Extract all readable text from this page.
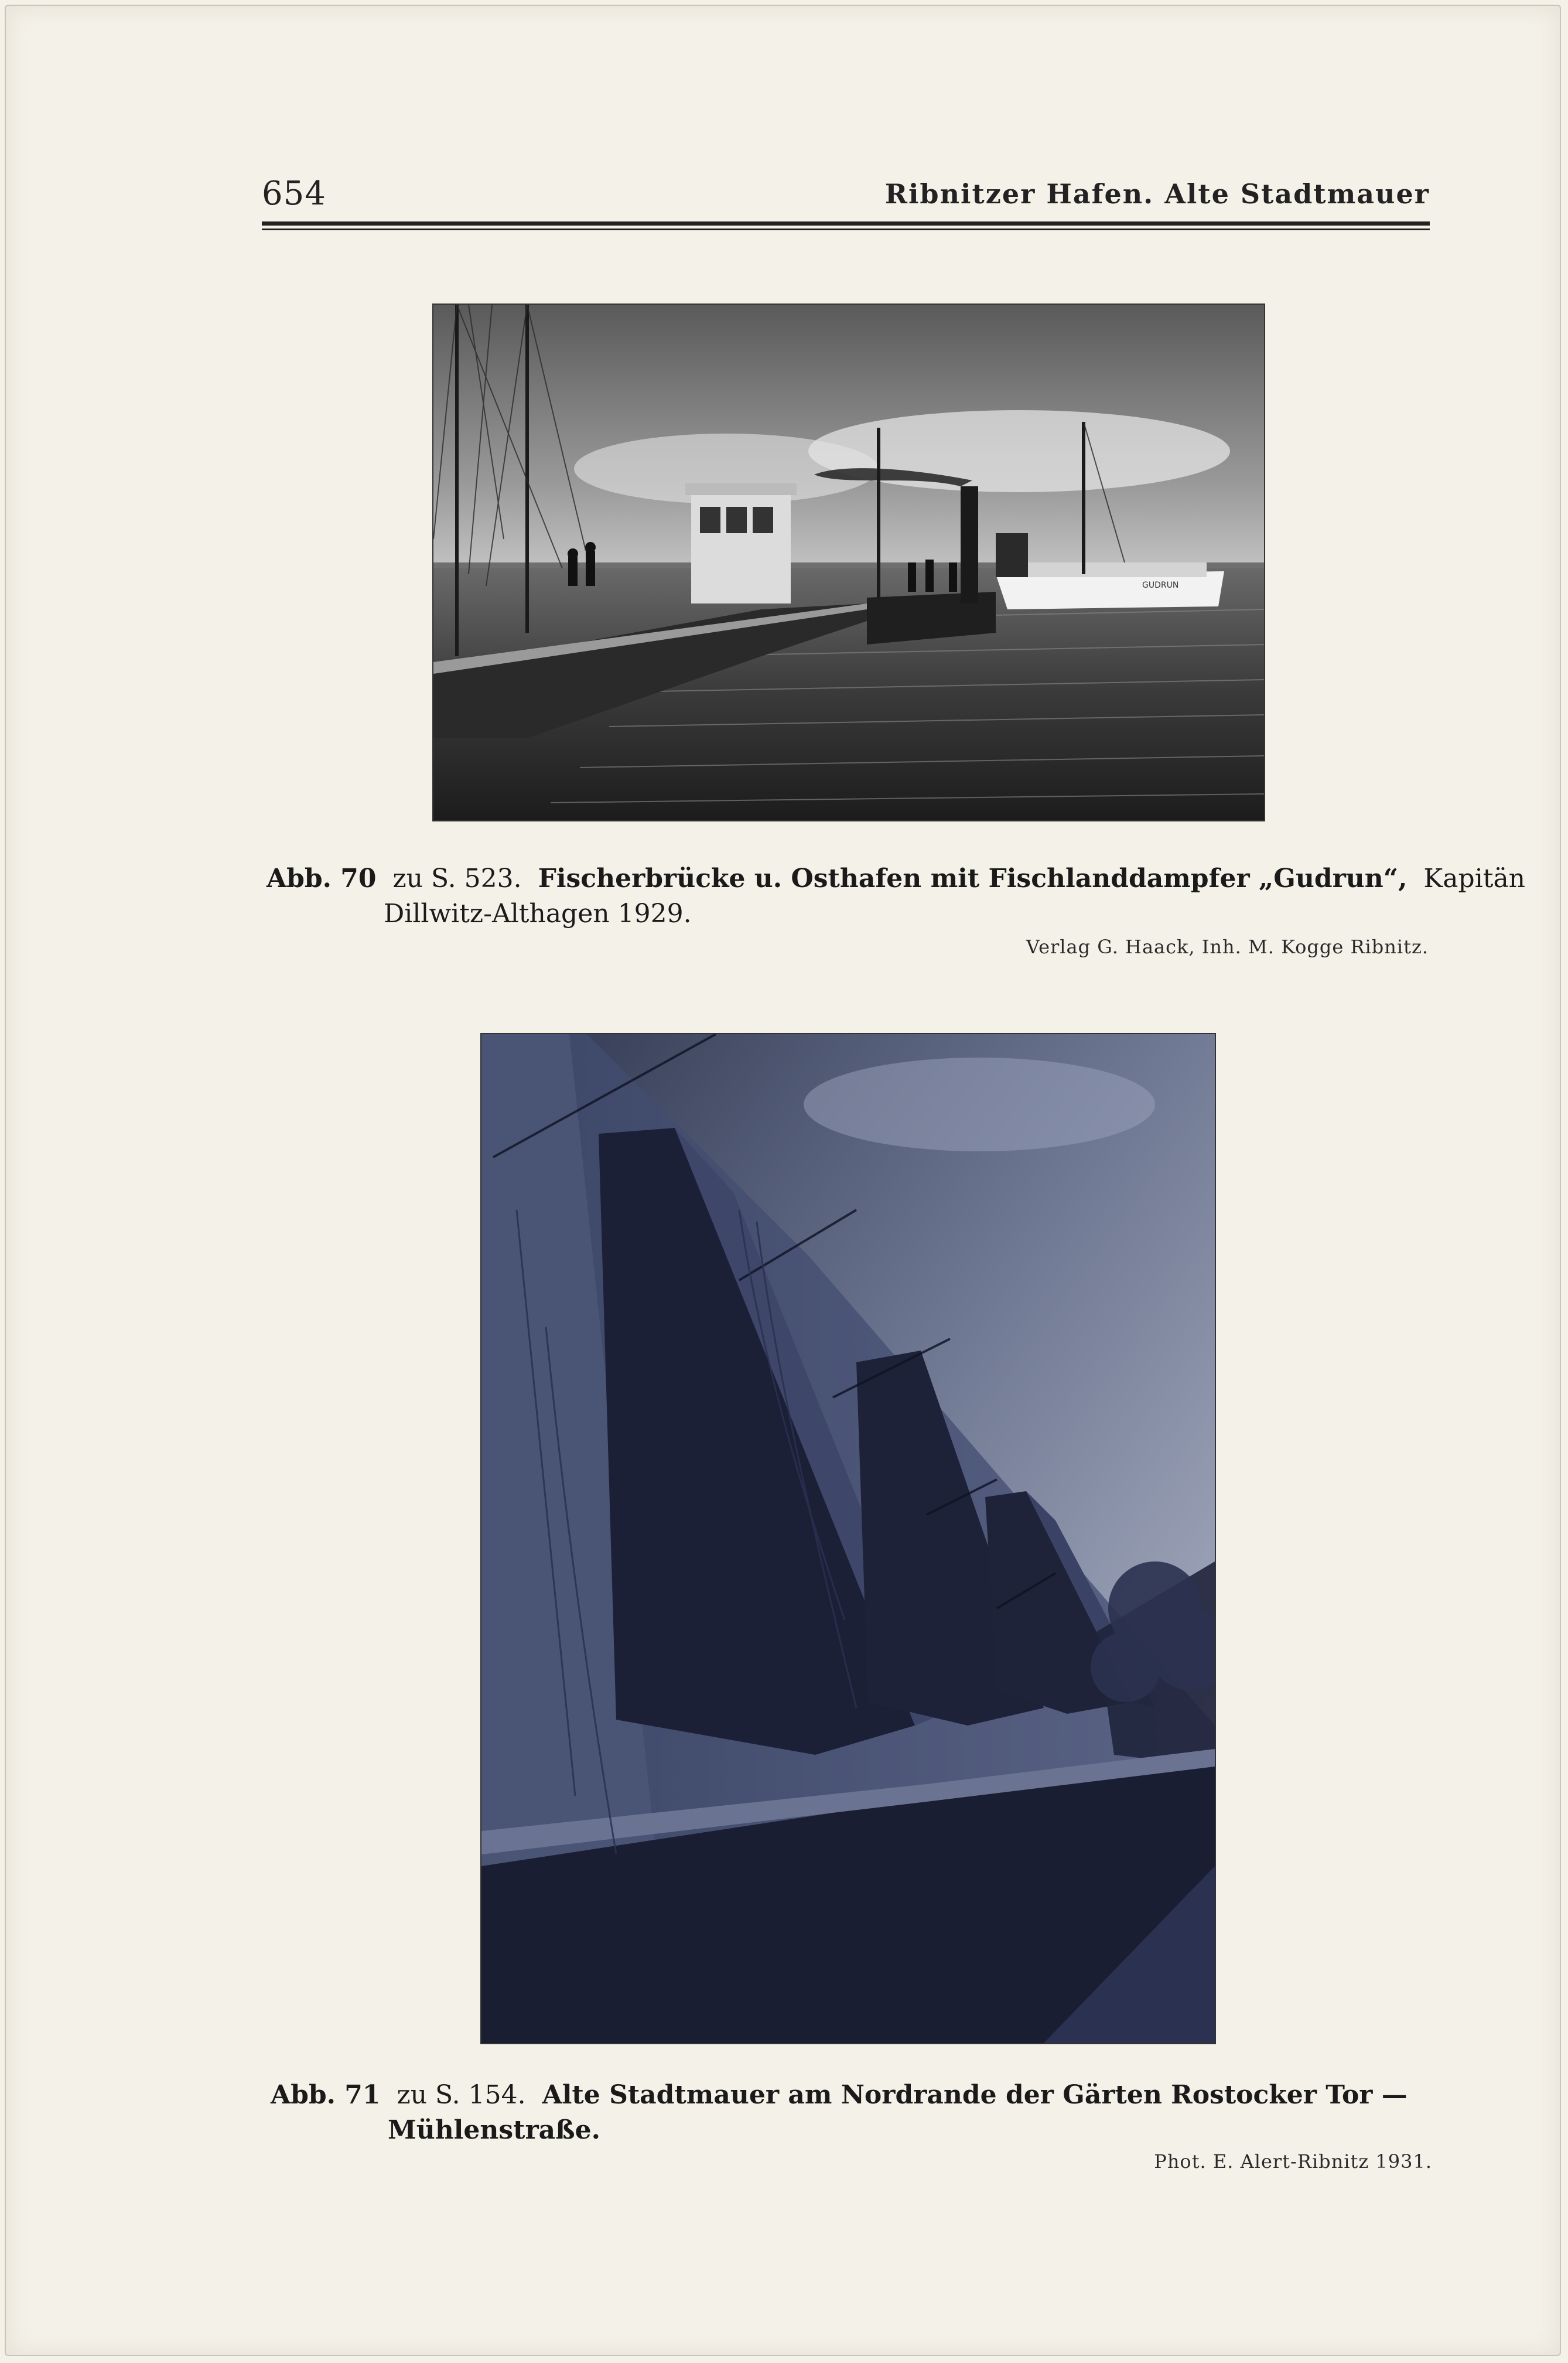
654	Ribnitzer Hafen. Alte Stadtmauer
GUDRUN
Abb. 70 zu S. 523. Fischerbrücke u. Osthafen mit Fischlanddampfer „Gudrun“, Kapitän
Dillwitz-Althagen 1929.
Verlag G. Haack, Inh. M. Kogge Ribnitz.
Abb. 71 zu S. 154. Alte Stadtmauer am Nordrande der Gärten Rostocker Tor —
Mühlenstraße.
Phot. E. Alert-Ribnitz 1931.
